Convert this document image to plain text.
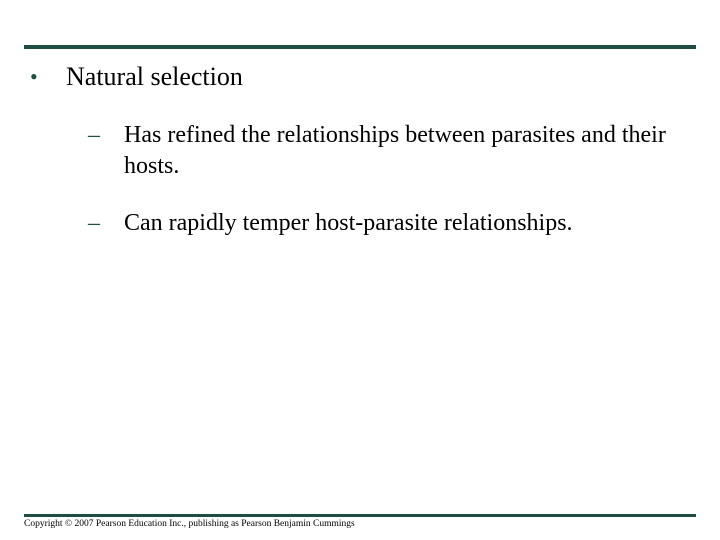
• Natural selection
– Has refined the relationships between parasites and their hosts.
– Can rapidly temper host-parasite relationships.
Copyright © 2007 Pearson Education Inc., publishing as Pearson Benjamin Cummings
